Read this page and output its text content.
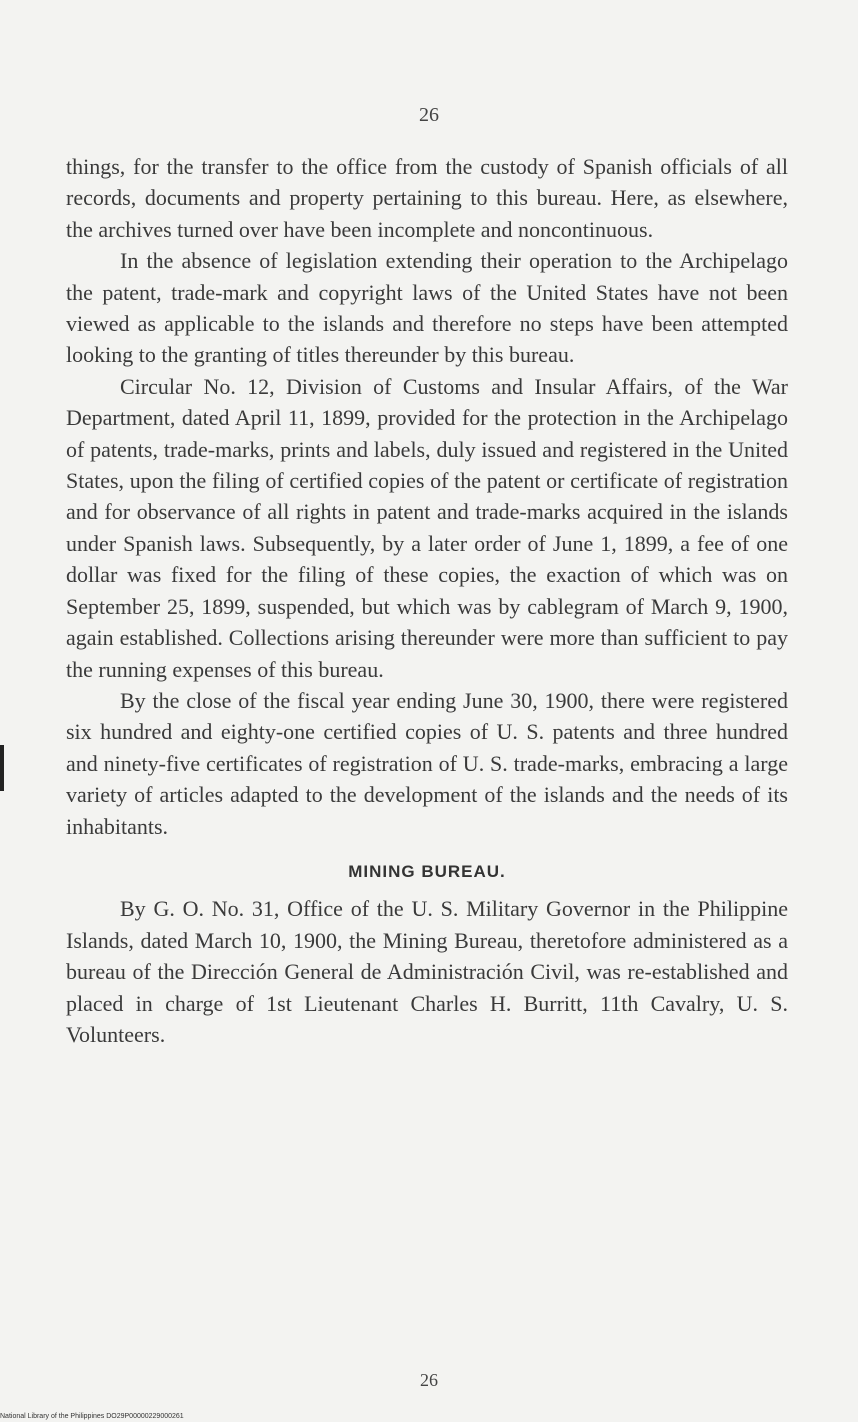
26

things, for the transfer to the office from the custody of Spanish officials of all records, documents and property pertaining to this bureau. Here, as elsewhere, the archives turned over have been incomplete and noncontinuous.

In the absence of legislation extending their operation to the Archipelago the patent, trade-mark and copyright laws of the United States have not been viewed as applicable to the islands and therefore no steps have been attempted looking to the granting of titles thereunder by this bureau.

Circular No. 12, Division of Customs and Insular Affairs, of the War Department, dated April 11, 1899, provided for the protection in the Archipelago of patents, trade-marks, prints and labels, duly issued and registered in the United States, upon the filing of certified copies of the patent or certificate of registration and for observance of all rights in patent and trade-marks acquired in the islands under Spanish laws. Subsequently, by a later order of June 1, 1899, a fee of one dollar was fixed for the filing of these copies, the exaction of which was on September 25, 1899, suspended, but which was by cablegram of March 9, 1900, again established. Collections arising thereunder were more than sufficient to pay the running expenses of this bureau.

By the close of the fiscal year ending June 30, 1900, there were registered six hundred and eighty-one certified copies of U. S. patents and three hundred and ninety-five certificates of registration of U. S. trade-marks, embracing a large variety of articles adapted to the development of the islands and the needs of its inhabitants.

MINING BUREAU.

By G. O. No. 31, Office of the U. S. Military Governor in the Philippine Islands, dated March 10, 1900, the Mining Bureau, theretofore administered as a bureau of the Dirección General de Administración Civil, was re-established and placed in charge of 1st Lieutenant Charles H. Burritt, 11th Cavalry, U. S. Volunteers.

26
National Library of the Philippines DO29P00000229000261
